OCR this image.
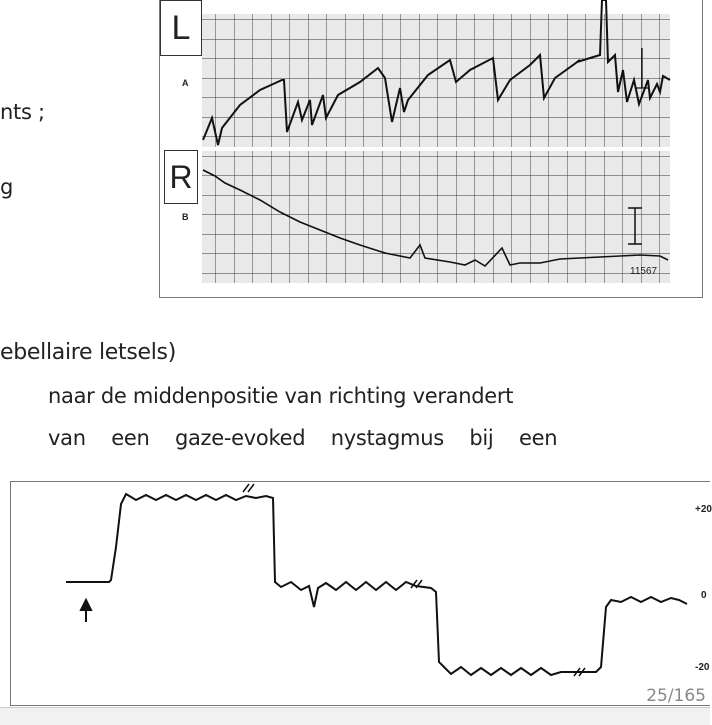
nts ;
g
ebellaire letsels)
naar de middenpositie van richting verandert
van    een    gaze-evoked    nystagmus    bij    een
L
R
A
B
11567
+20
0
-20
25/165
